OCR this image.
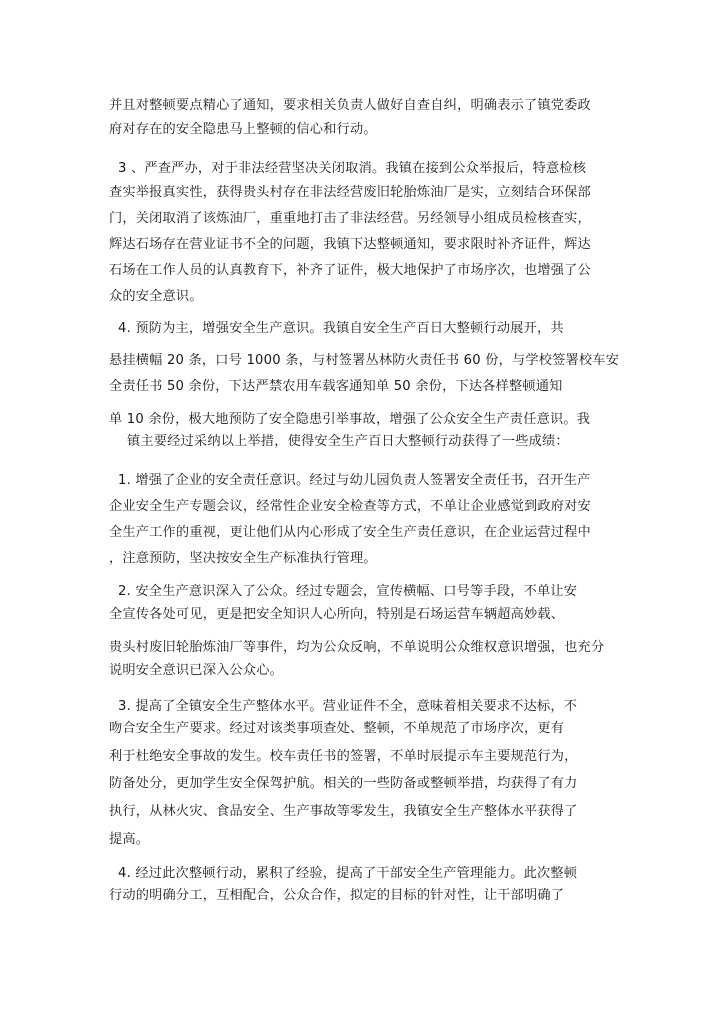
并且对整顿要点精心了通知，要求相关负责人做好自查自纠，明确表示了镇党委政
府对存在的安全隐患马上整顿的信心和行动。
3 、严查严办，对于非法经营坚决关闭取消。我镇在接到公众举报后，特意检核
查实举报真实性，获得贵头村存在非法经营废旧轮胎炼油厂是实，立刻结合环保部
门，关闭取消了该炼油厂，重重地打击了非法经营。另经领导小组成员检核查实，
辉达石场存在营业证书不全的问题，我镇下达整顿通知，要求限时补齐证件，辉达
石场在工作人员的认真教育下，补齐了证件，极大地保护了市场序次，也增强了公
众的安全意识。
4. 预防为主，增强安全生产意识。我镇自安全生产百日大整顿行动展开，共
悬挂横幅 20 条，口号 1000 条，与村签署丛林防火责任书 60 份，与学校签署校车安
全责任书 50 余份，下达严禁农用车载客通知单 50 余份，下达各样整顿通知
单 10 余份，极大地预防了安全隐患引举事故，增强了公众安全生产责任意识。我
镇主要经过采纳以上举措，使得安全生产百日大整顿行动获得了一些成绩：
1. 增强了企业的安全责任意识。经过与幼儿园负责人签署安全责任书，召开生产
企业安全生产专题会议，经常性企业安全检查等方式，不单让企业感觉到政府对安
全生产工作的重视，更让他们从内心形成了安全生产责任意识，在企业运营过程中
，注意预防，坚决按安全生产标准执行管理。
2. 安全生产意识深入了公众。经过专题会，宣传横幅、口号等手段，不单让安
全宣传各处可见，更是把安全知识人心所向，特别是石场运营车辆超高妙载、
贵头村废旧轮胎炼油厂等事件，均为公众反响，不单说明公众维权意识增强，也充分
说明安全意识已深入公众心。
3. 提高了全镇安全生产整体水平。营业证件不全，意味着相关要求不达标，不
吻合安全生产要求。经过对该类事项查处、整顿，不单规范了市场序次，更有
利于杜绝安全事故的发生。校车责任书的签署，不单时辰提示车主要规范行为，
防备处分，更加学生安全保驾护航。相关的一些防备或整顿举措，均获得了有力
执行，从林火灾、食品安全、生产事故等零发生，我镇安全生产整体水平获得了
提高。
4. 经过此次整顿行动，累积了经验，提高了干部安全生产管理能力。此次整顿
行动的明确分工，互相配合，公众合作，拟定的目标的针对性，让干部明确了
